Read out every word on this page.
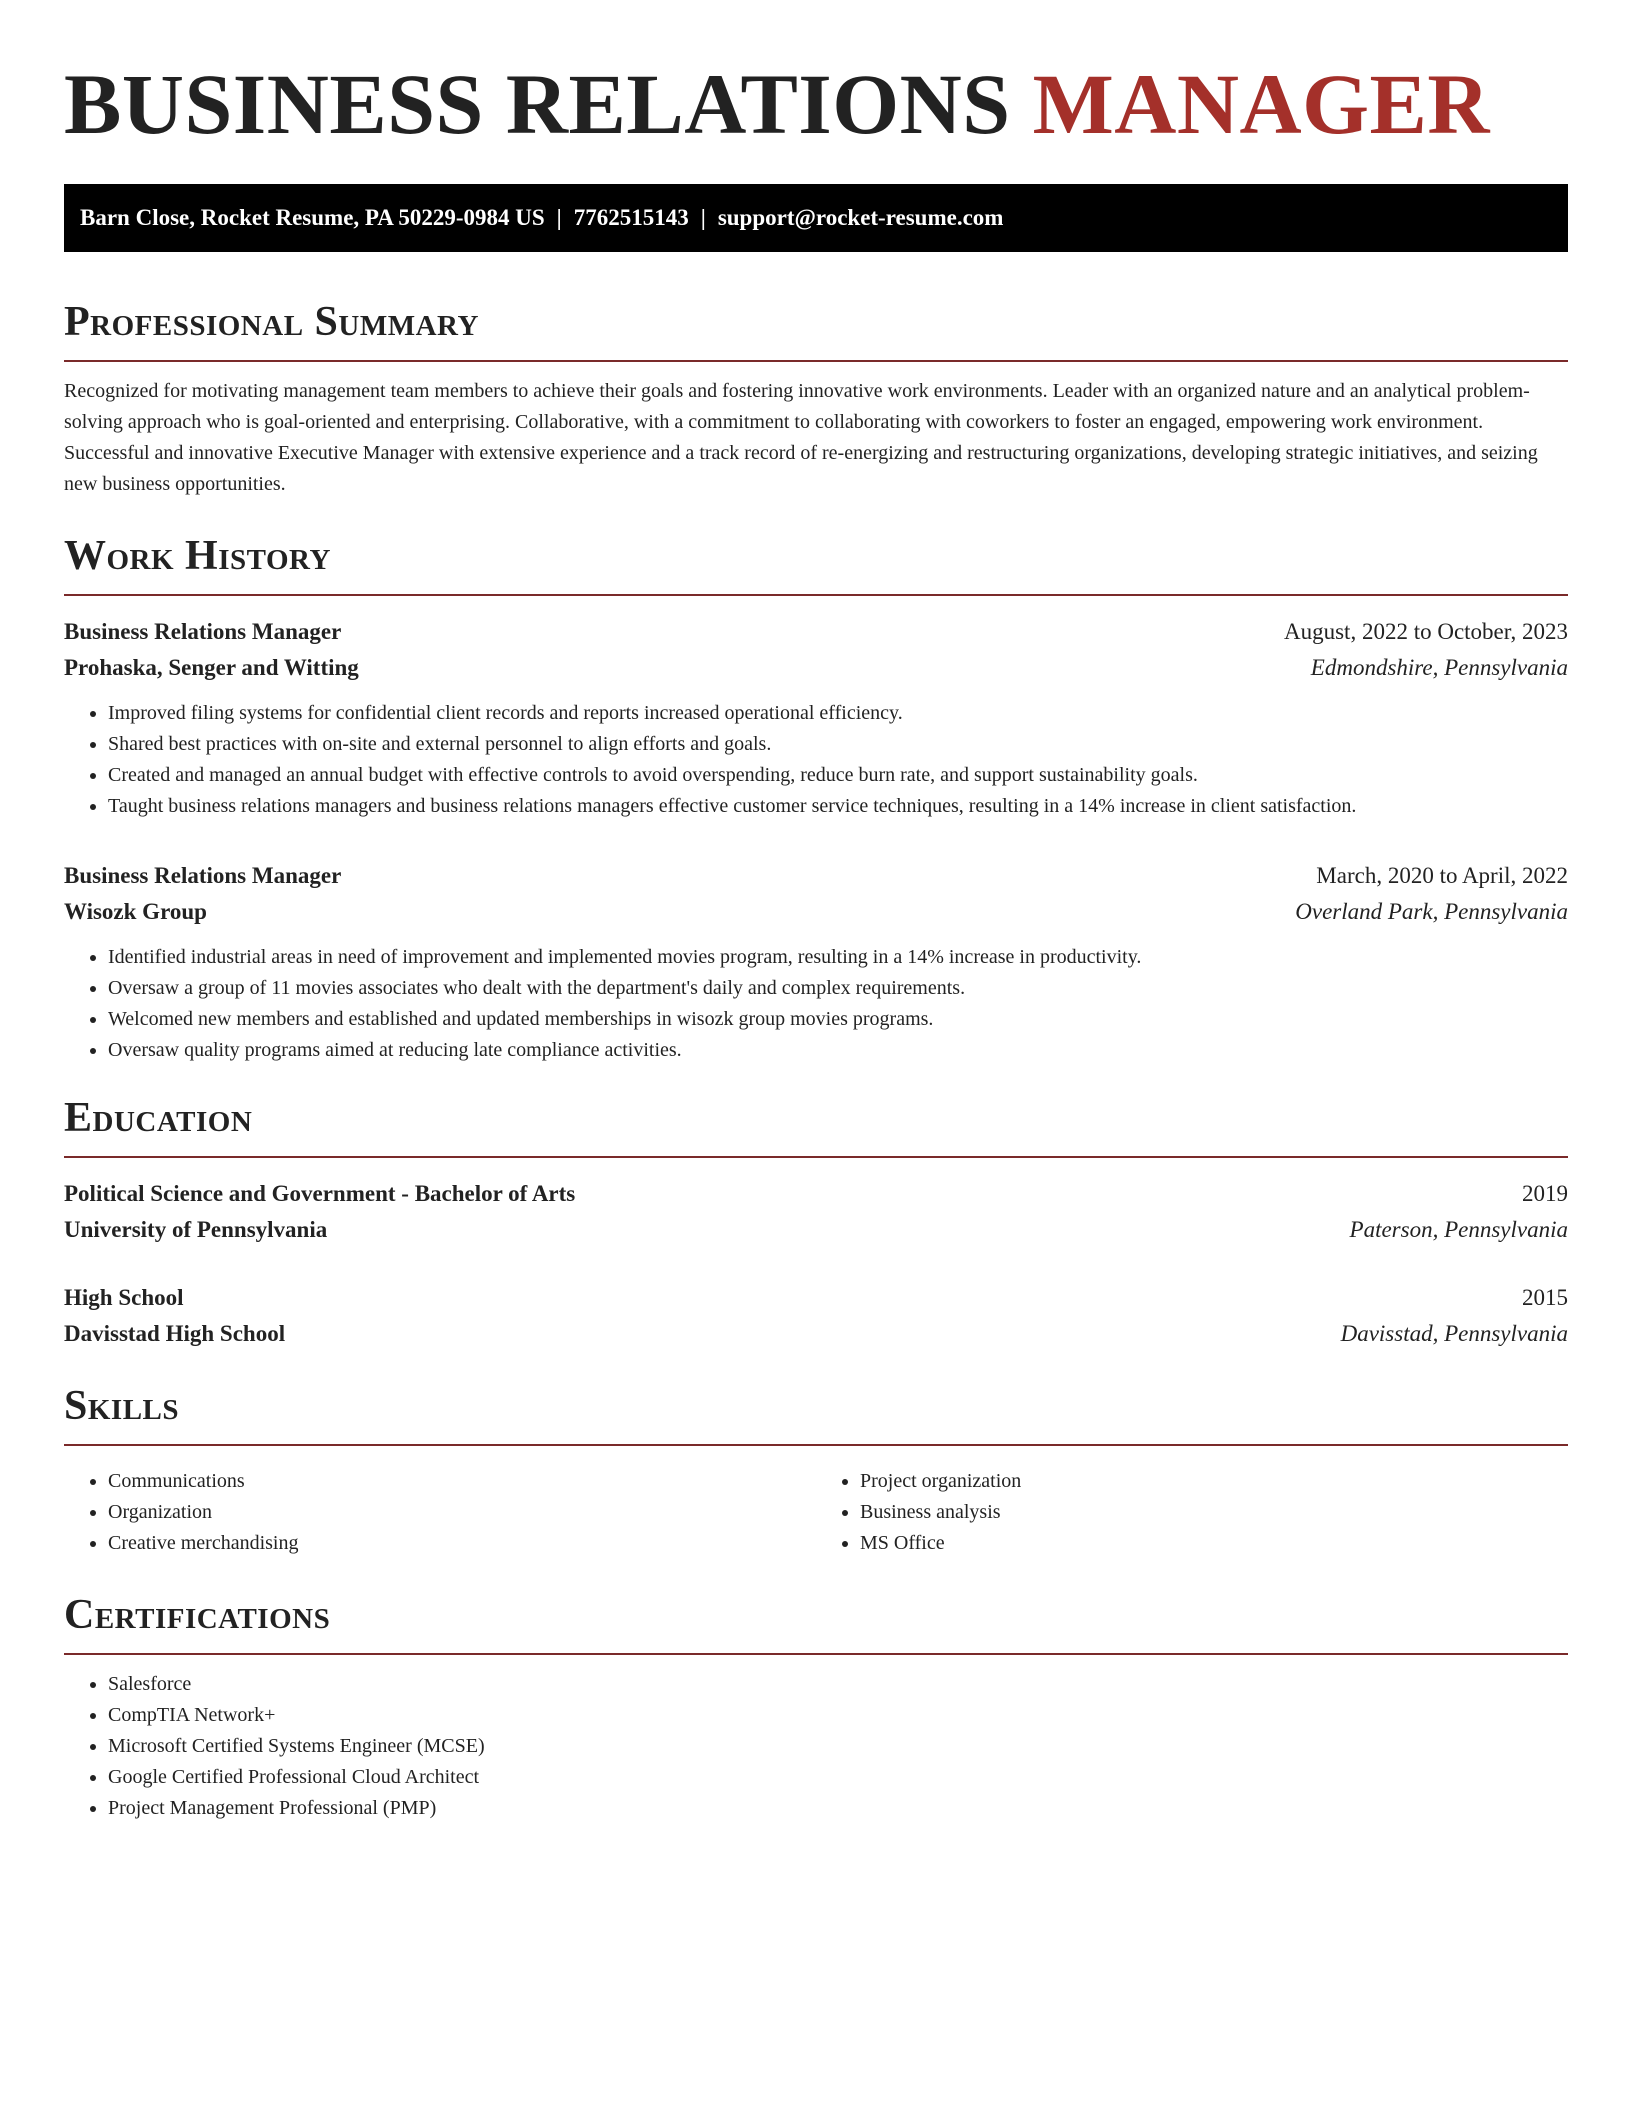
BUSINESS RELATIONS MANAGER
Barn Close, Rocket Resume, PA 50229-0984 US | 7762515143 | support@rocket-resume.com
Professional Summary

Recognized for motivating management team members to achieve their goals and fostering innovative work environments. Leader with an organized nature and an analytical problem-solving approach who is goal-oriented and enterprising. Collaborative, with a commitment to collaborating with coworkers to foster an engaged, empowering work environment. Successful and innovative Executive Manager with extensive experience and a track record of re-energizing and restructuring organizations, developing strategic initiatives, and seizing new business opportunities.

Work History
Business Relations Manager	August, 2022 to October, 2023
Prohaska, Senger and Witting	Edmondshire, Pennsylvania
• Improved filing systems for confidential client records and reports increased operational efficiency.
• Shared best practices with on-site and external personnel to align efforts and goals.
• Created and managed an annual budget with effective controls to avoid overspending, reduce burn rate, and support sustainability goals.
• Taught business relations managers and business relations managers effective customer service techniques, resulting in a 14% increase in client satisfaction.
Business Relations Manager	March, 2020 to April, 2022
Wisozk Group	Overland Park, Pennsylvania
• Identified industrial areas in need of improvement and implemented movies program, resulting in a 14% increase in productivity.
• Oversaw a group of 11 movies associates who dealt with the department's daily and complex requirements.
• Welcomed new members and established and updated memberships in wisozk group movies programs.
• Oversaw quality programs aimed at reducing late compliance activities.
Education
Political Science and Government - Bachelor of Arts	2019
University of Pennsylvania	Paterson, Pennsylvania
High School	2015
Davisstad High School	Davisstad, Pennsylvania
Skills
• Communications
• Organization
• Creative merchandising
• Project organization
• Business analysis
• MS Office
Certifications
• Salesforce
• CompTIA Network+
• Microsoft Certified Systems Engineer (MCSE)
• Google Certified Professional Cloud Architect
• Project Management Professional (PMP)
